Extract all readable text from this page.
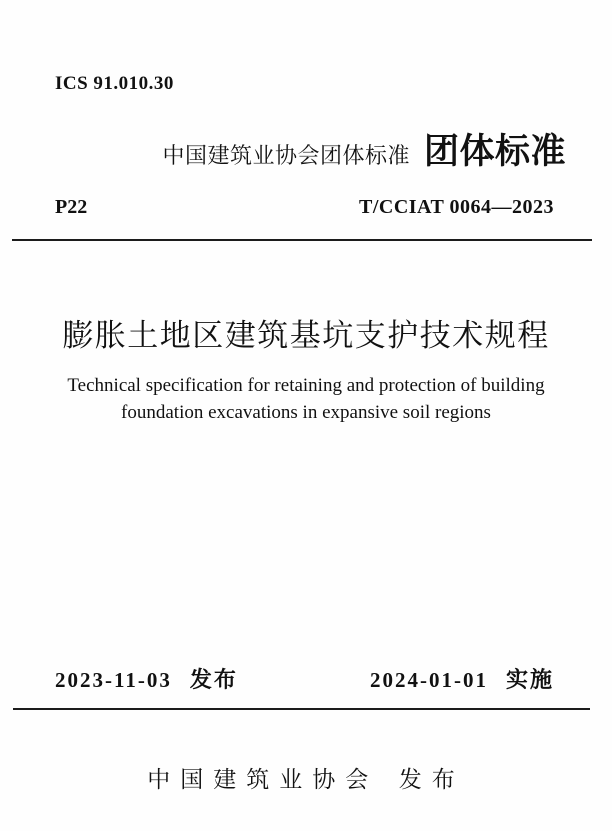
ICS 91.010.30
中国建筑业协会团体标准 团体标准
P22	T/CCIAT 0064—2023
膨胀土地区建筑基坑支护技术规程
Technical specification for retaining and protection of building
foundation excavations in expansive soil regions
2023-11-03 发布	2024-01-01 实施
中国建筑业协会 发布
